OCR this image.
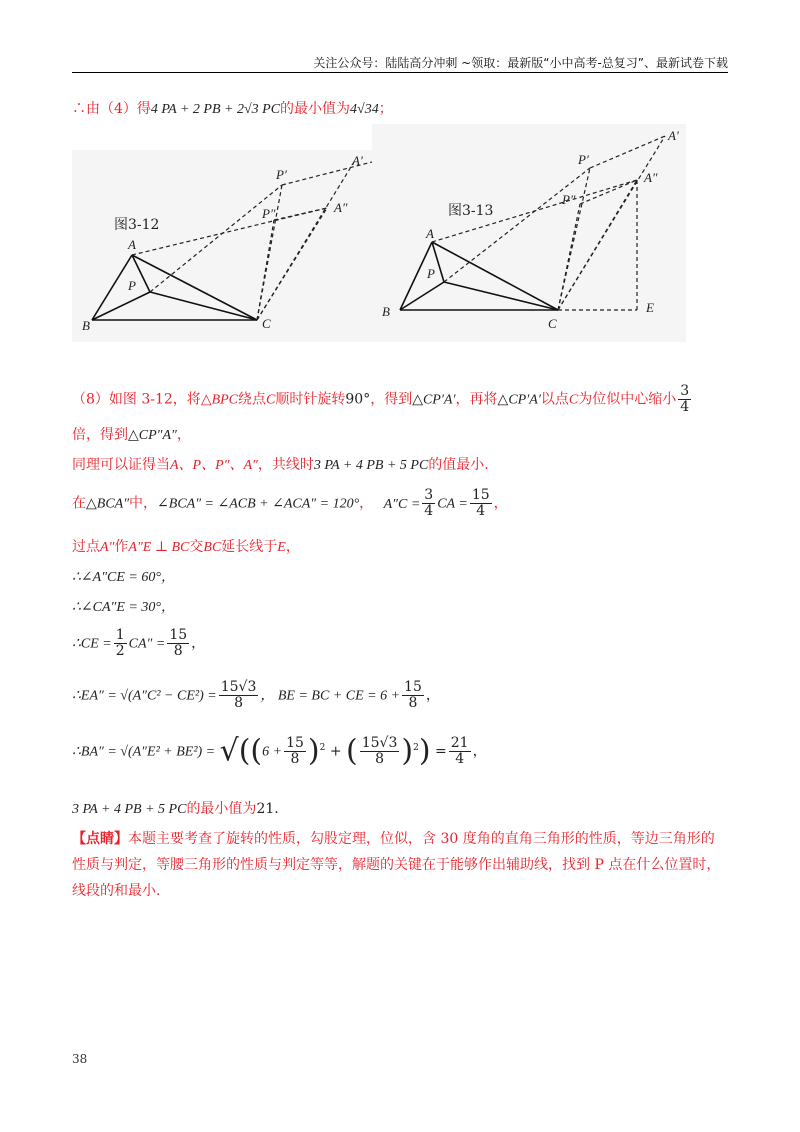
关注公众号：陆陆高分冲刺 ~领取：最新版“小中高考-总复习”、最新试卷下载
∴由（4）得4 PA + 2 PB + 2√3 PC的最小值为4√34；
A
B	C
P
P′
A′
P″	A″
图3-12
A
B
C
P
P′
A′
P″
A″
E
图3-13
（8）如图 3-12，将△BPC绕点C顺时针旋转90°，得到△CP′A′，再将△CP′A′以点C为位似中心缩小 $\frac{3}{4}$
倍，得到△CP″A″，
同理可以证得当A、P、P″、A″，共线时3 PA + 4 PB + 5 PC的值最小.
在△BCA″中，∠BCA″ = ∠ACB + ∠ACA″ = 120°， $A''C = \frac{3}{4}$ CA = $\frac{15}{4}$ ，
过点A″作A″E ⊥ BC交BC延长线于E，
∴∠A″CE = 60°，
∴∠CA″E = 30°，
∴CE = $\frac{1}{2} CA'' = \frac{15}{8}$ ，
∴EA″ = $√(A''C^2 - CE^2) = \frac{15√3}{8}$ ， BE = BC + CE = $6 + \frac{15}{8}$ ，
∴BA″ = $√(A''E^2 + BE^2) = √((6 + \frac{15}{8} )^2$ + ( $\frac{15√3}{8} )^2) = \frac{21}{4}$ ，
3 PA + 4 PB + 5 PC的最小值为21.
【点睛】本题主要考查了旋转的性质，勾股定理，位似，含 30 度角的直角三角形的性质，等边三角形的性质与判定，等腰三角形的性质与判定等等，解题的关键在于能够作出辅助线，找到 P 点在什么位置时，线段的和最小.
38
